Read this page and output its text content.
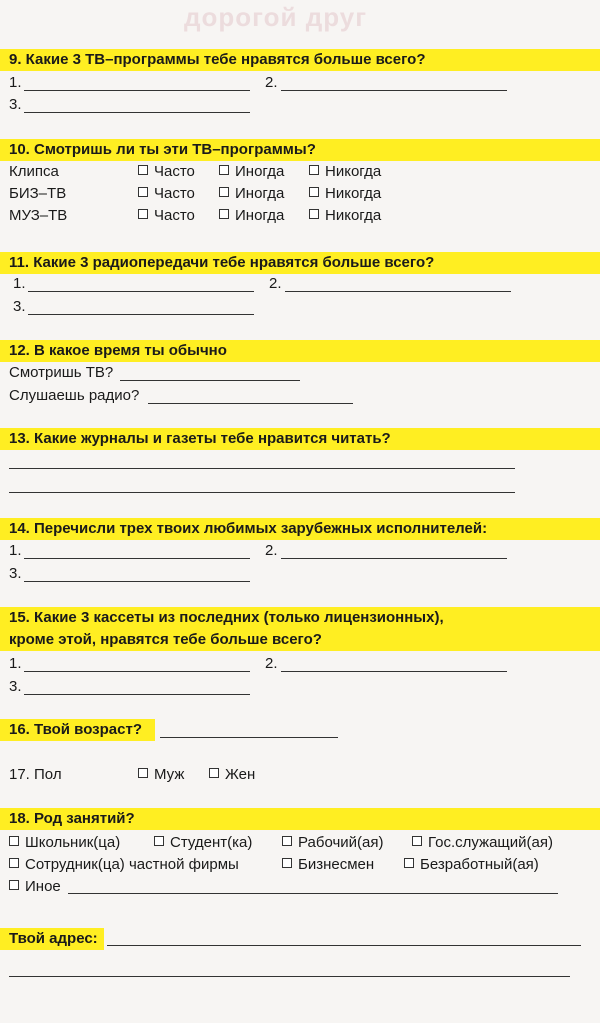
дорогой друг
9. Какие 3 ТВ–программы тебе нравятся больше всего?
1.	2.
3.
10. Смотришь ли ты эти ТВ–программы?
Клипса	Часто	Иногда	Никогда
БИЗ–ТВ	Часто	Иногда	Никогда
МУЗ–ТВ	Часто	Иногда	Никогда
11. Какие 3 радиопередачи тебе нравятся больше всего?
1.	2.
3.
12. В какое время ты обычно
Смотришь ТВ?
Слушаешь радио?
13. Какие журналы и газеты тебе нравится читать?
14. Перечисли трех твоих любимых зарубежных исполнителей:
1.	2.
3.
15. Какие 3 кассеты из последних (только лицензионных),
кроме этой, нравятся тебе больше всего?
1.	2.
3.
16. Твой возраст?
17. Пол	Муж	Жен
18. Род занятий?
Школьник(ца)	Студент(ка)	Рабочий(ая)	Гос.служащий(ая)
Сотрудник(ца) частной фирмы	Бизнесмен	Безработный(ая)
Иное
Твой адрес:
